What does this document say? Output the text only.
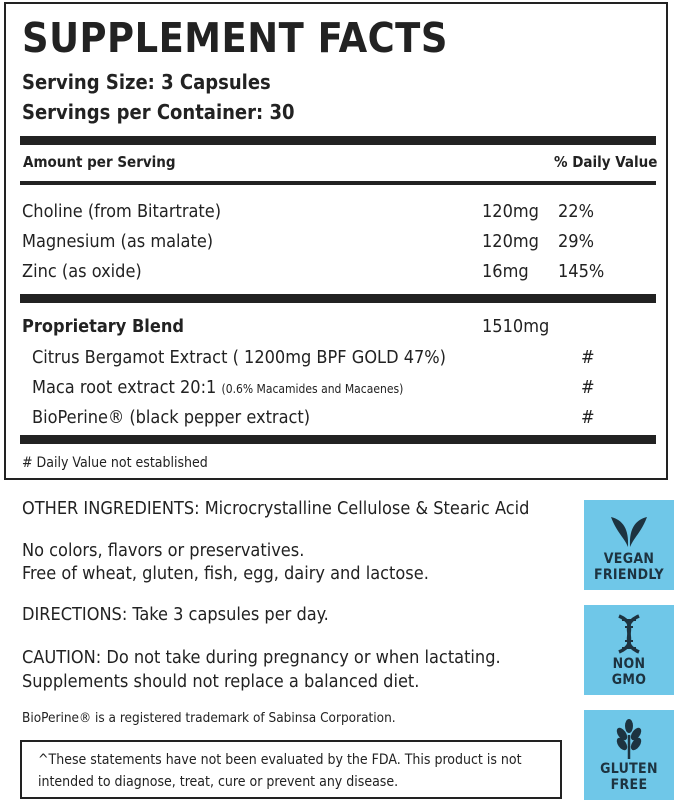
SUPPLEMENT FACTS
Serving Size: 3 Capsules
Servings per Container: 30
Amount per Serving	% Daily Value
Choline (from Bitartrate)	120mg 22%
Magnesium (as malate)	120mg 29%
Zinc (as oxide)	16mg 145%
Proprietary Blend	1510mg
Citrus Bergamot Extract ( 1200mg BPF GOLD 47%)	#
Maca root extract 20:1 (0.6% Macamides and Macaenes)	#
BioPerine® (black pepper extract)	#
# Daily Value not established
OTHER INGREDIENTS: Microcrystalline Cellulose & Stearic Acid
No colors, flavors or preservatives.
Free of wheat, gluten, fish, egg, dairy and lactose.
DIRECTIONS: Take 3 capsules per day.
CAUTION: Do not take during pregnancy or when lactating.
Supplements should not replace a balanced diet.
BioPerine® is a registered trademark of Sabinsa Corporation.
^These statements have not been evaluated by the FDA. This product is not
intended to diagnose, treat, cure or prevent any disease.
VEGAN
FRIENDLY
NON
GMO
GLUTEN
FREE
